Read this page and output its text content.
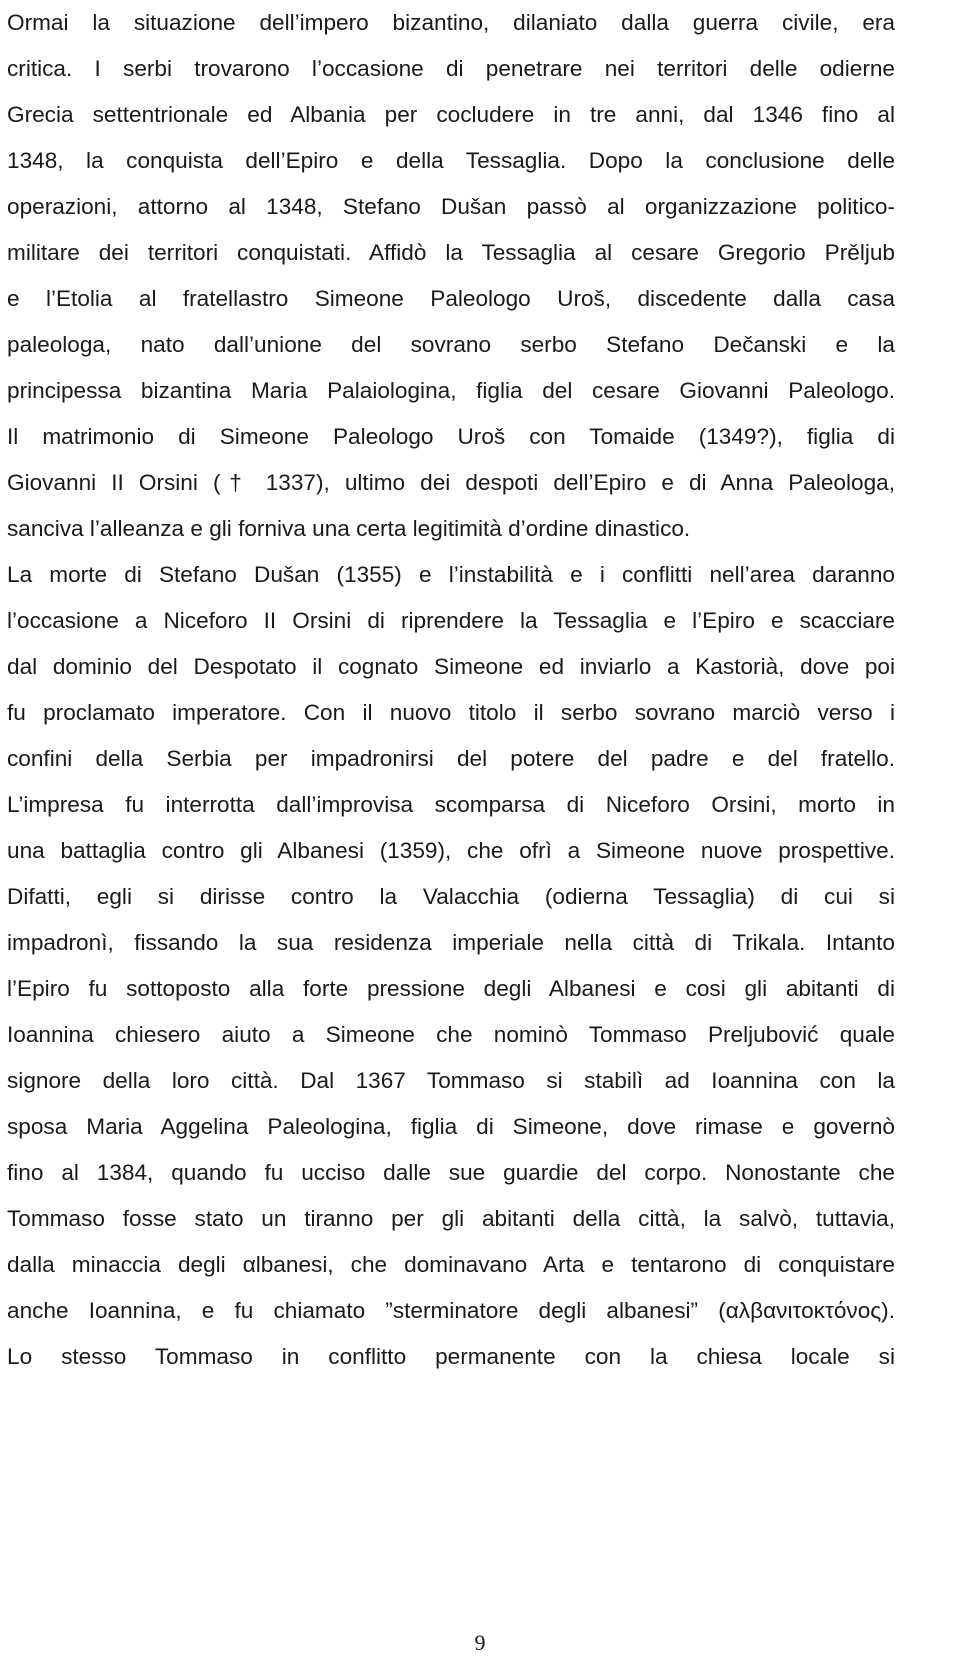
Ormai la situazione dell’impero bizantino, dilaniato dalla guerra civile, era
critica. I serbi trovarono l’occasione di penetrare nei territori delle odierne
Grecia settentrionale ed Albania per cocludere in tre anni, dal 1346 fino al
1348, la conquista dell’Epiro e della Tessaglia. Dopo la conclusione delle
operazioni, attorno al 1348, Stefano Dušan passò al organizzazione politico-
militare dei territori conquistati. Affidò la Tessaglia al cesare Gregorio Prěljub
e l’Etolia al fratellastro Simeone Paleologo Uroš, discedente dalla casa
paleologa, nato dall’unione del sovrano serbo Stefano Dečanski e la
principessa bizantina Maria Palaiologina, figlia del cesare Giovanni Paleologo.
Il matrimonio di Simeone Paleologo Uroš con Tomaide (1349?), figlia di
Giovanni II Orsini († 1337), ultimo dei despoti dell’Epiro e di Anna Paleologa,
sanciva l’alleanza e gli forniva una certa legitimità d’ordine dinastico.
La morte di Stefano Dušan (1355) e l’instabilità e i conflitti nell’area daranno
l’occasione a Niceforo II Orsini di riprendere la Tessaglia e l’Epiro e scacciare
dal dominio del Despotato il cognato Simeone ed inviarlo a Kastorià, dove poi
fu proclamato imperatore. Con il nuovo titolo il serbo sovrano marciò verso i
confini della Serbia per impadronirsi del potere del padre e del fratello.
L’impresa fu interrotta dall’improvisa scomparsa di Niceforo Orsini, morto in
una battaglia contro gli Albanesi (1359), che ofrì a Simeone nuove prospettive.
Difatti, egli si dirisse contro la Valacchia (odierna Tessaglia) di cui si
impadronì, fissando la sua residenza imperiale nella città di Trikala. Intanto
l’Epiro fu sottoposto alla forte pressione degli Albanesi e cosi gli abitanti di
Ioannina chiesero aiuto a Simeone che nominò Tommaso Preljubović quale
signore della loro città. Dal 1367 Tommaso si stabilì ad Ioannina con la
sposa Maria Aggelina Paleologina, figlia di Simeone, dove rimase e governò
fino al 1384, quando fu ucciso dalle sue guardie del corpo. Nonostante che
Tommaso fosse stato un tiranno per gli abitanti della città, la salvò, tuttavia,
dalla minaccia degli αlbanesi, che dominavano Arta e tentarono di conquistare
anche Ioannina, e fu chiamato ”sterminatore degli albanesi” (αλβανιτοκτόνος).
Lo stesso Tommaso in conflitto permanente con la chiesa locale si
9
